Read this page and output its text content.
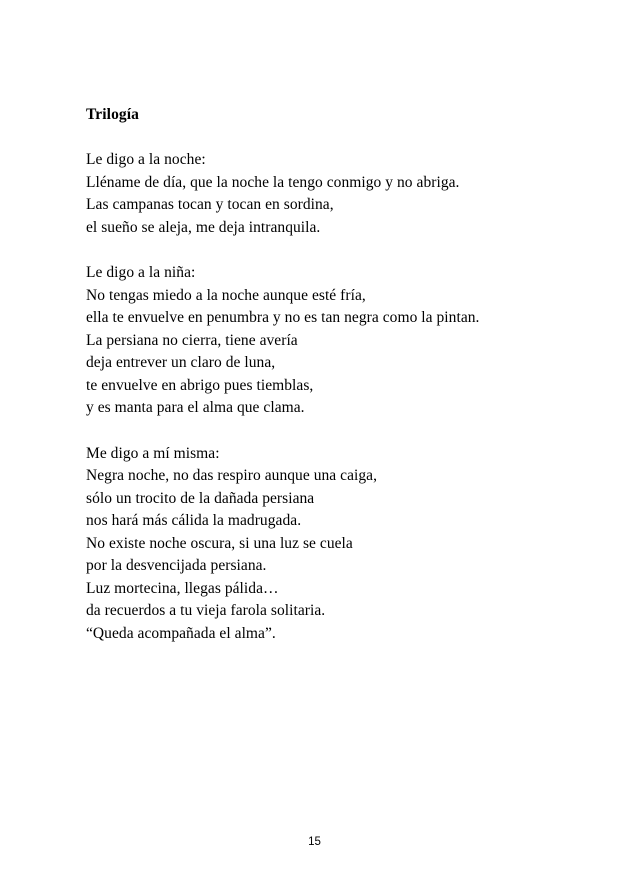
Trilogía
Le digo a la noche:
Lléname de día, que la noche la tengo conmigo y no abriga.
Las campanas tocan y tocan en sordina,
el sueño se aleja, me deja intranquila.
Le digo a la niña:
No tengas miedo a la noche aunque esté fría,
ella te envuelve en penumbra y no es tan negra como la pintan.
La persiana no cierra, tiene avería
deja entrever un claro de luna,
te envuelve en abrigo pues tiemblas,
y es manta para el alma que clama.
Me digo a mí misma:
Negra noche, no das respiro aunque una caiga,
sólo un trocito de la dañada persiana
nos hará más cálida la madrugada.
No existe noche oscura, si una luz se cuela
por la desvencijada persiana.
Luz mortecina, llegas pálida…
da recuerdos a tu vieja farola solitaria.
“Queda acompañada el alma”.
15
